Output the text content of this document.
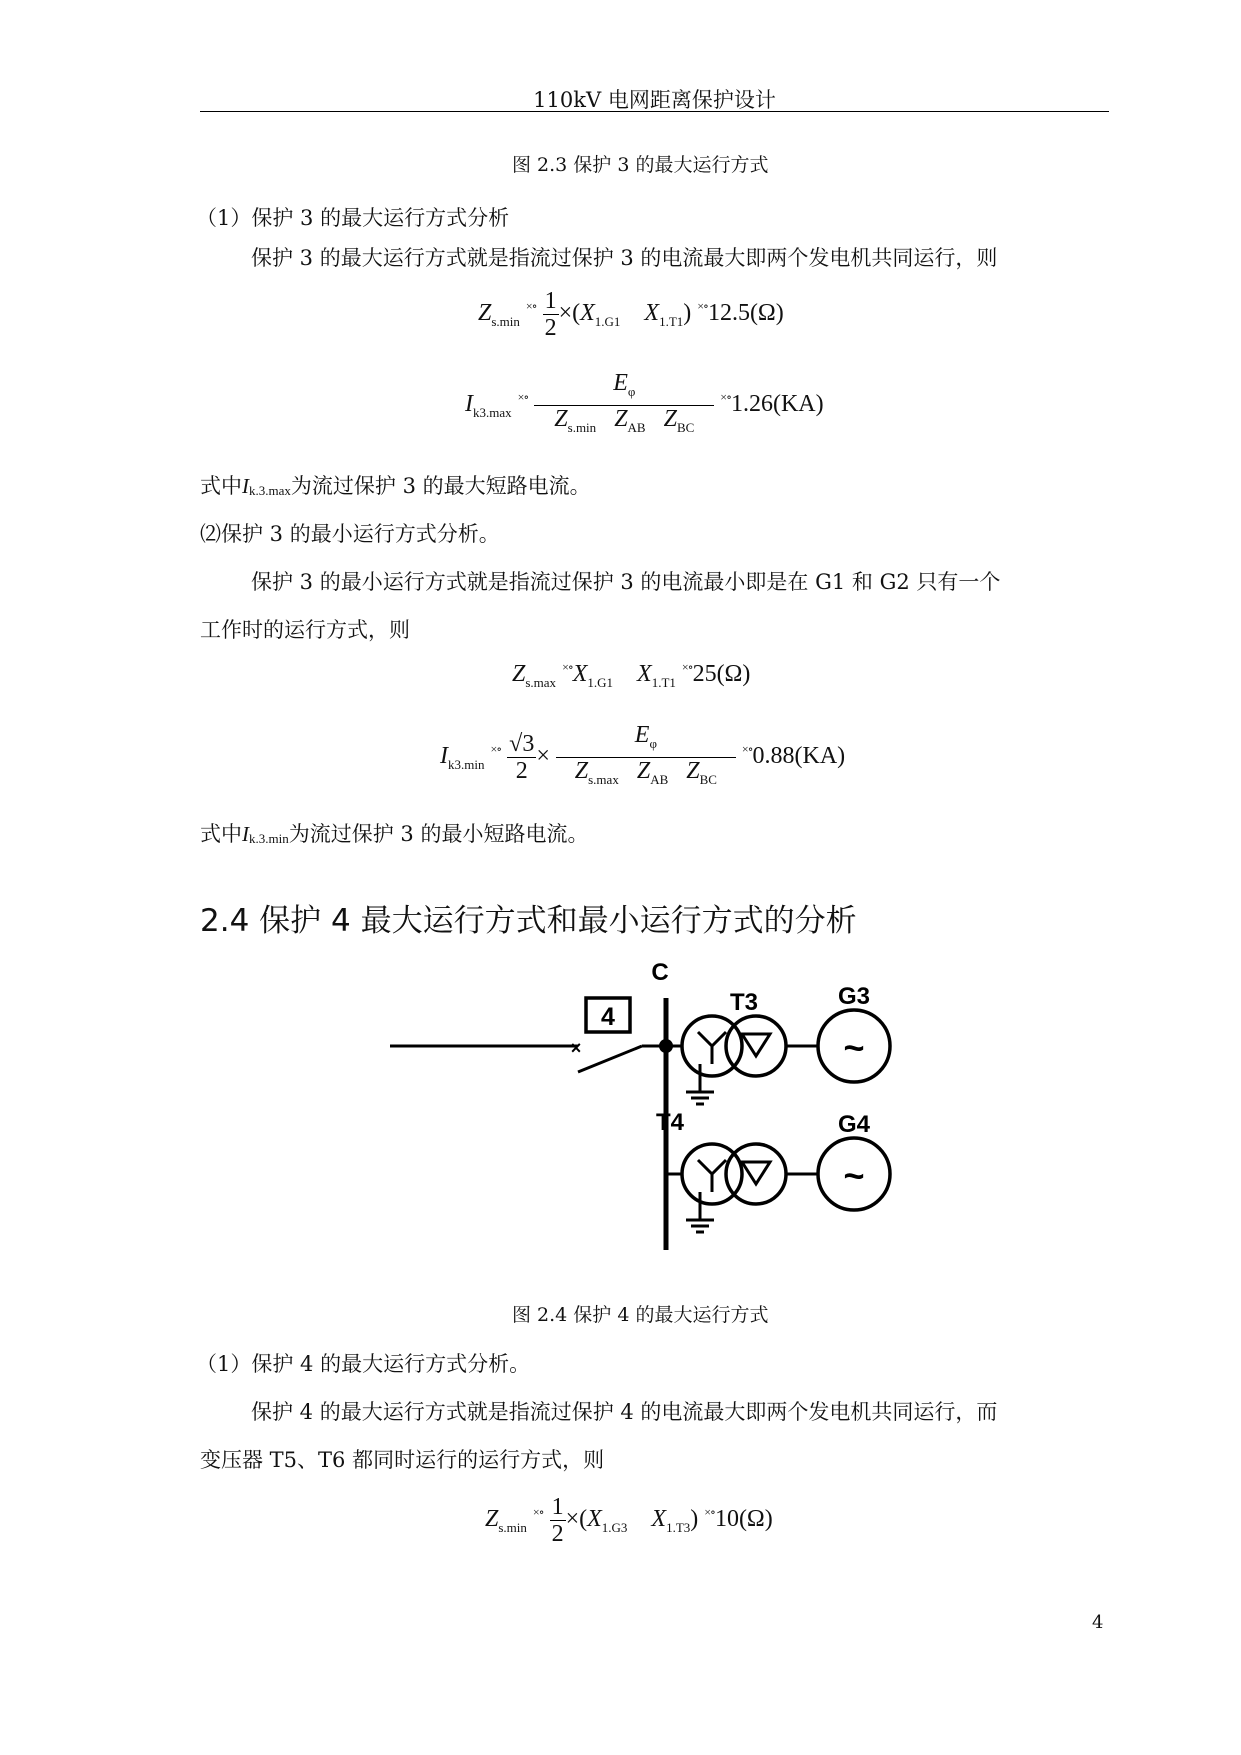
110kV 电网距离保护设计
图 2.3 保护 3 的最大运行方式
（1）保护 3 的最大运行方式分析
保护 3 的最大运行方式就是指流过保护 3 的电流最大即两个发电机共同运行，则
$Z_{s.min}$ $^{\times\circ} \frac{1}{2} \times(X_{1.G1}$ $X_{1.T1}$) ×∘12.5(Ω)
$I_{k3.max}$ $^{\times\circ} \frac{E_\varphi}{Z_{s.min} Z_{AB} Z_{BC}} ^{\times\circ}1.26(KA)$
式中$I_{k.3.max}$为流过保护 3 的最大短路电流。
⑵保护 3 的最小运行方式分析。
保护 3 的最小运行方式就是指流过保护 3 的电流最小即是在 G1 和 G2 只有一个
工作时的运行方式，则
$Z_{s.max}$ $^{\times\circ}X_{1.G1}$ $X_{1.T1}$ ×∘25(Ω)
$I_{k3.min}$ $^{\times\circ} \frac{√3}{2} \times \frac{E_\varphi}{Z_{s.max} Z_{AB} Z_{BC}} ^{\times\circ}0.88(KA)$
式中$I_{k.3.min}$为流过保护 3 的最小短路电流。
2.4 保护 4 最大运行方式和最小运行方式的分析
×
4
C
T3	G3
~
T4	G4
~
图 2.4 保护 4 的最大运行方式
（1）保护 4 的最大运行方式分析。
保护 4 的最大运行方式就是指流过保护 4 的电流最大即两个发电机共同运行，而
变压器 T5、T6 都同时运行的运行方式，则
$Z_{s.min}$ $^{\times\circ} \frac{1}{2} \times(X_{1.G3}$ $X_{1.T3}$) ×∘10(Ω)
4
